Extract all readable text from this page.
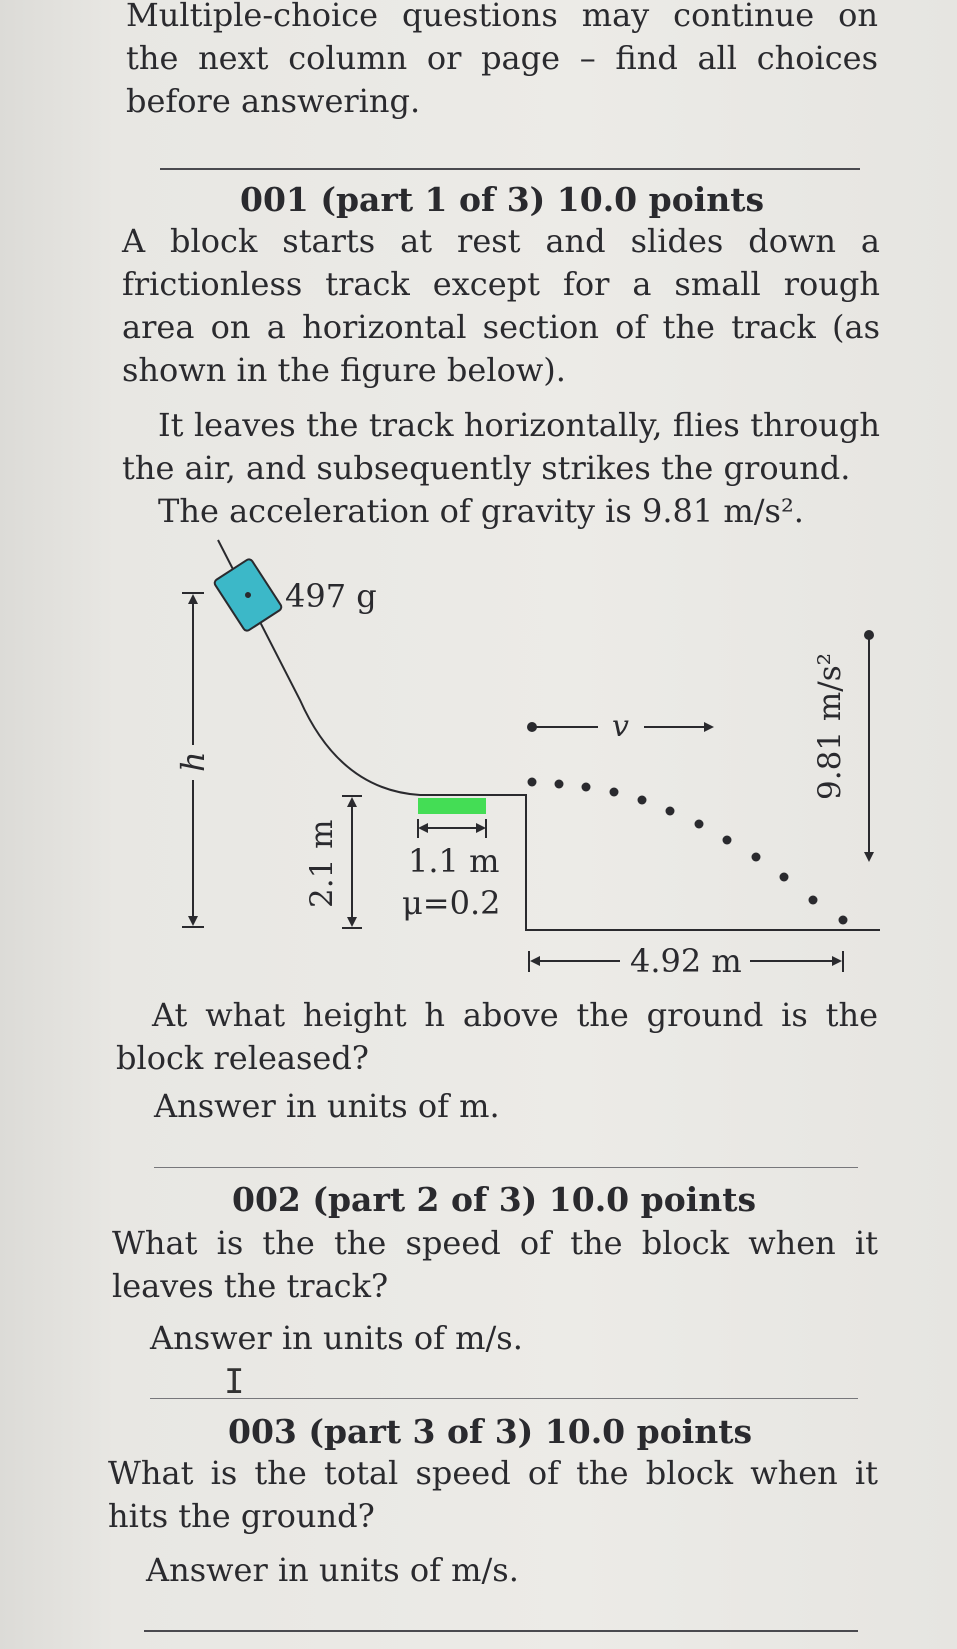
Multiple-choice questions may continue on the next column or page – find all choices before answering.

001 (part 1 of 3) 10.0 points

A block starts at rest and slides down a frictionless track except for a small rough area on a horizontal section of the track (as shown in the figure below).

It leaves the track horizontally, flies through the air, and subsequently strikes the ground.

The acceleration of gravity is 9.81 m/s².

497 g
h
2.1 m 1.1 m
μ=0.2
v	9.81 m/s²
4.92 m

At what height h above the ground is the block released?

Answer in units of m.
002 (part 2 of 3) 10.0 points

What is the the speed of the block when it leaves the track?

Answer in units of m/s.
I
003 (part 3 of 3) 10.0 points

What is the total speed of the block when it hits the ground?

Answer in units of m/s.
